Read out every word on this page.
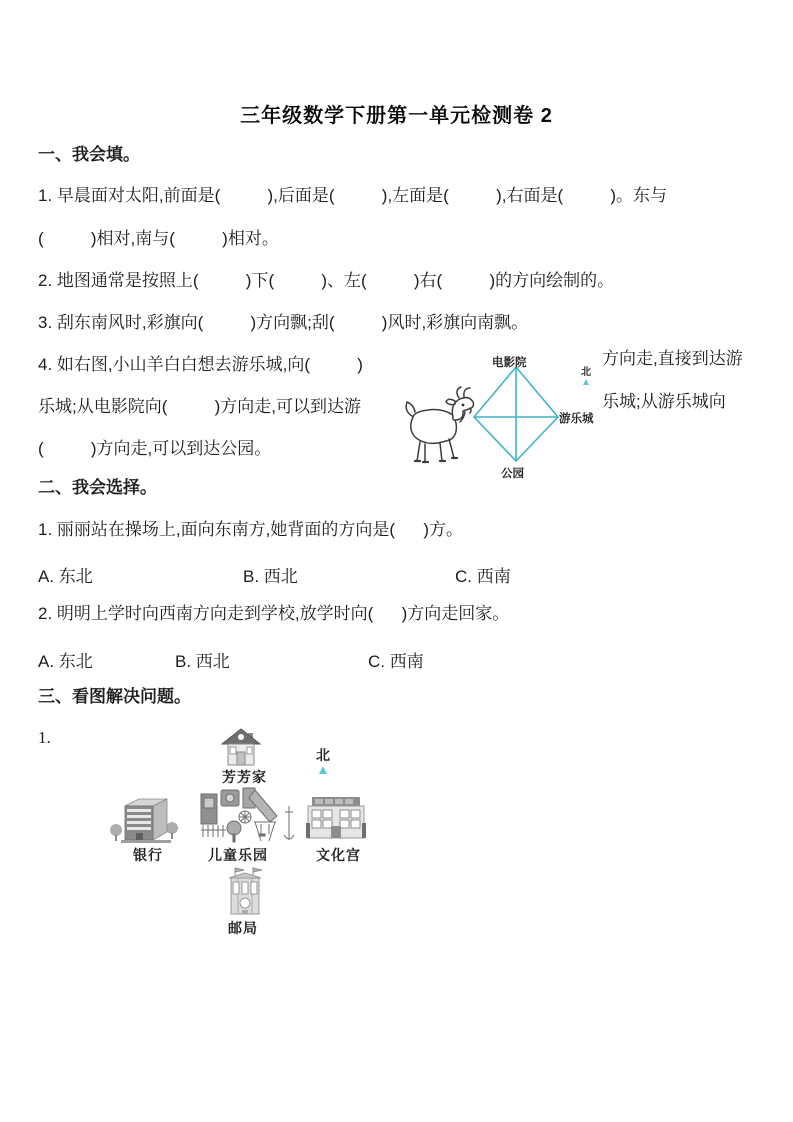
三年级数学下册第一单元检测卷 2
一、我会填。
1. 早晨面对太阳,前面是(          ),后面是(          ),左面是(          ),右面是(          )。东与
(          )相对,南与(          )相对。
2. 地图通常是按照上(          )下(          )、左(          )右(          )的方向绘制的。
3. 刮东南风时,彩旗向(          )方向飘;刮(          )风时,彩旗向南飘。
4. 如右图,小山羊白白想去游乐城,向(          )	方向走,直接到达游
乐城;从电影院向(          )方向走,可以到达游	乐城;从游乐城向
(          )方向走,可以到达公园。
电影院
游乐城
公园
北
二、我会选择。
1. 丽丽站在操场上,面向东南方,她背面的方向是(      )方。
A. 东北	B. 西北	C. 西南
2. 明明上学时向西南方向走到学校,放学时向(      )方向走回家。
A. 东北	B. 西北	C. 西南
三、看图解决问题。
1.
芳芳家
北
银行	儿童乐园	文化宫
邮局
